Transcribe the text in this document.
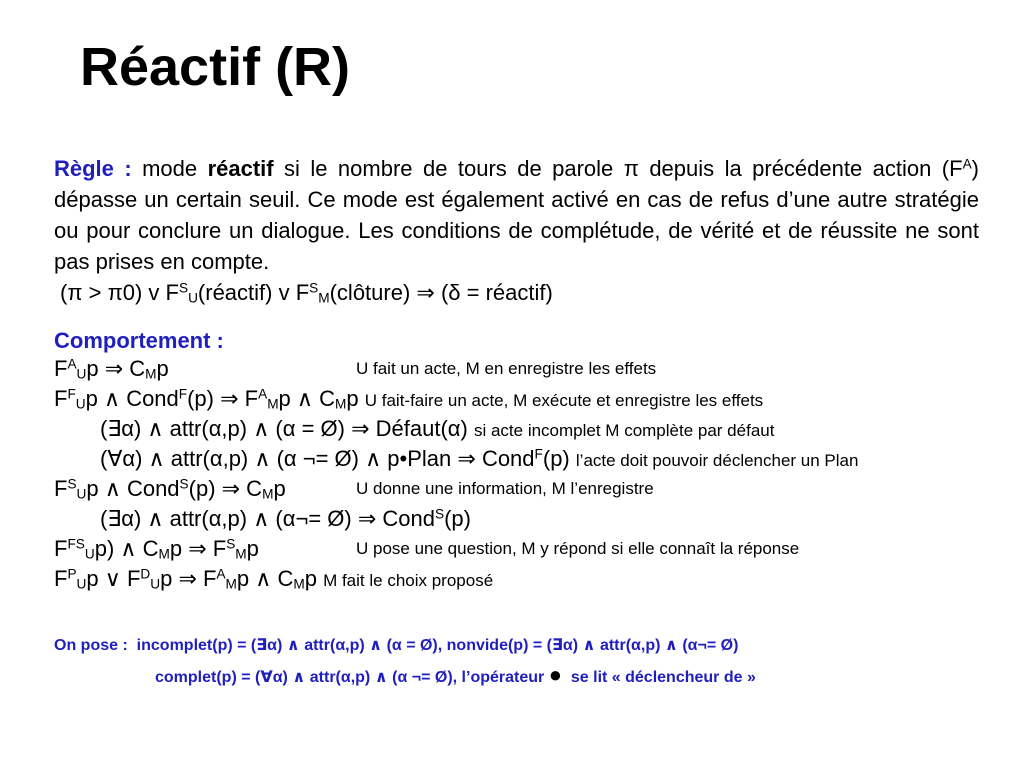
Réactif (R)
Règle : mode réactif si le nombre de tours de parole π depuis la précédente action $(F^A)$ dépasse un certain seuil. Ce mode est également activé en cas de refus d’une autre stratégie ou pour conclure un dialogue. Les conditions de complétude, de vérité et de réussite ne sont pas prises en compte.
(π > π0) v $F^S_U(réactif)$ v $F^S_M(clôture)$ ⇒ (δ = réactif)
Comportement :
$F^A_Up$ ⇒ $C_Mp$	U fait un acte, M en enregistre les effets
$F^F_Up$ ∧ Cond$^F$(p) ⇒ $F^A_Mp$ ∧ $C_Mp$ U fait-faire un acte, M exécute et enregistre les effets
(∃α) ∧ attr(α,p) ∧ (α = Ø) ⇒ Défaut(α) si acte incomplet M complète par défaut
(∀α) ∧ attr(α,p) ∧ (α ¬= Ø) ∧ p•Plan ⇒ Cond$^F$(p) l’acte doit pouvoir déclencher un Plan
$F^S_Up$ ∧ Cond$^S$(p) ⇒ $C_Mp$	U donne une information, M l’enregistre
(∃α) ∧ attr(α,p) ∧ (α¬= Ø) ⇒ Cond$^S$(p)
$F^{FS}_Up$) ∧ $C_Mp$ ⇒ $F^S_Mp$	U pose une question, M y répond si elle connaît la réponse
$F^P_Up$ ∨ $F^D_Up$ ⇒ $F^A_Mp$ ∧ $C_Mp$ M fait le choix proposé
On pose : incomplet(p) = (∃α) ∧ attr(α,p) ∧ (α = Ø), nonvide(p) = (∃α) ∧ attr(α,p) ∧ (α¬= Ø)
complet(p) = (∀α) ∧ attr(α,p) ∧ (α ¬= Ø), l’opérateur ● se lit « déclencheur de »
